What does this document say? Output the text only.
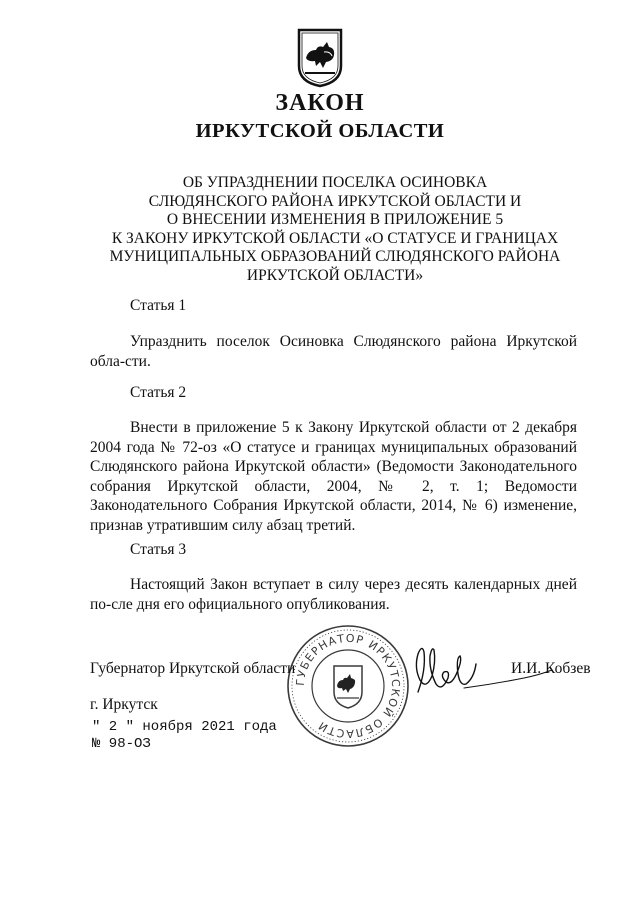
ЗАКОН
ИРКУТСКОЙ ОБЛАСТИ
ОБ УПРАЗДНЕНИИ ПОСЕЛКА ОСИНОВКА
СЛЮДЯНСКОГО РАЙОНА ИРКУТСКОЙ ОБЛАСТИ И
О ВНЕСЕНИИ ИЗМЕНЕНИЯ В ПРИЛОЖЕНИЕ 5
К ЗАКОНУ ИРКУТСКОЙ ОБЛАСТИ «О СТАТУСЕ И ГРАНИЦАХ
МУНИЦИПАЛЬНЫХ ОБРАЗОВАНИЙ СЛЮДЯНСКОГО РАЙОНА
ИРКУТСКОЙ ОБЛАСТИ»
Статья 1
Упразднить поселок Осиновка Слюдянского района Иркутской обла-сти.
Статья 2
Внести в приложение 5 к Закону Иркутской области от 2 декабря 2004 года № 72-оз «О статусе и границах муниципальных образований Слюдянского района Иркутской области» (Ведомости Законодательного собрания Иркутской области, 2004, № 2, т. 1; Ведомости Законодательного Собрания Иркутской области, 2014, № 6) изменение, признав утратившим силу абзац третий.
Статья 3
Настоящий Закон вступает в силу через десять календарных дней по-сле дня его официального опубликования.
ГУБЕРНАТОР ИРКУТСКОЙ ОБЛАСТИ
Губернатор Иркутской области	И.И. Кобзев
г. Иркутск
" 2 " ноября 2021 года
№ 98-ОЗ
